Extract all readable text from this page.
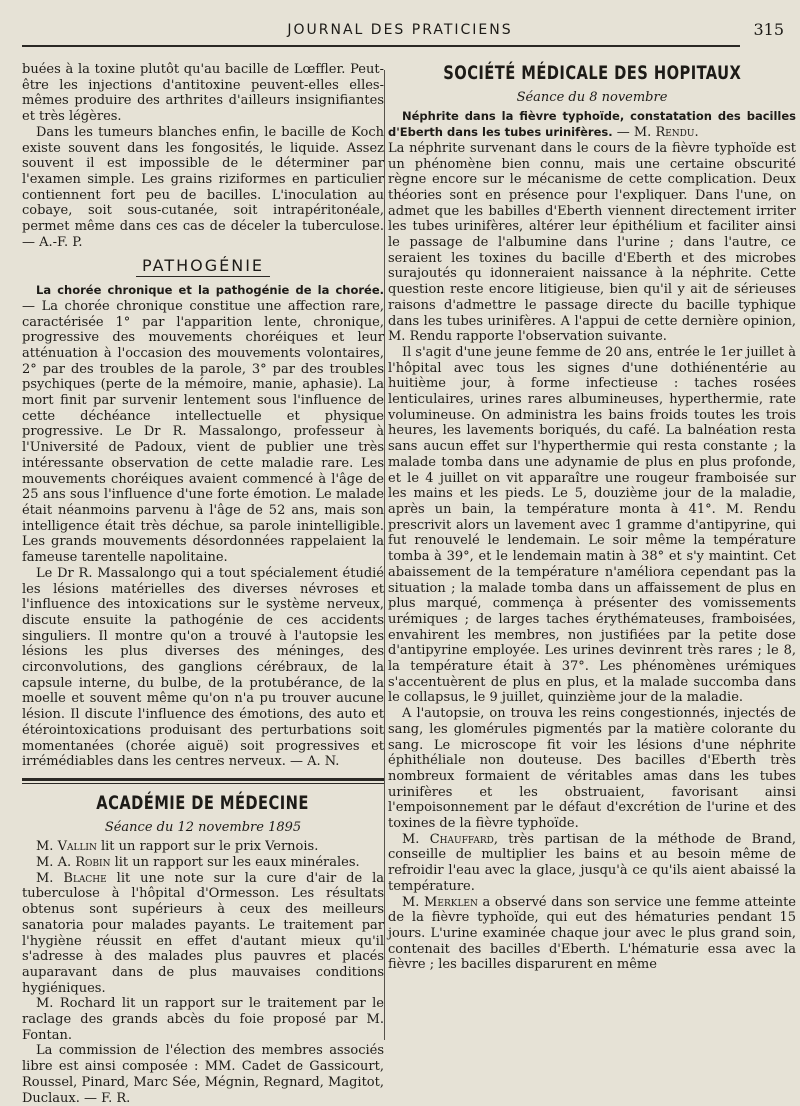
JOURNAL DES PRATICIENS	315

buées à la toxine plutôt qu'au bacille de Lœffler. Peut-être les injections d'antitoxine peuvent-elles elles-mêmes produire des arthrites d'ailleurs insignifiantes et très légères.

Dans les tumeurs blanches enfin, le bacille de Koch existe souvent dans les fongosités, le liquide. Assez souvent il est impossible de le déterminer par l'examen simple. Les grains riziformes en particulier contiennent fort peu de bacilles. L'inoculation au cobaye, soit sous-cutanée, soit intrapéritonéale, permet même dans ces cas de déceler la tuberculose. — A.-F. P.

PATHOGÉNIE

La chorée chronique et la pathogénie de la chorée. — La chorée chronique constitue une affection rare, caractérisée 1° par l'apparition lente, chronique, progressive des mouvements choréiques et leur atténuation à l'occasion des mouvements volontaires, 2° par des troubles de la parole, 3° par des troubles psychiques (perte de la mémoire, manie, aphasie). La mort finit par survenir lentement sous l'influence de cette déchéance intellectuelle et physique progressive. Le Dr R. Massalongo, professeur à l'Université de Padoux, vient de publier une très intéressante observation de cette maladie rare. Les mouvements choréiques avaient commencé à l'âge de 25 ans sous l'influence d'une forte émotion. Le malade était néanmoins parvenu à l'âge de 52 ans, mais son intelligence était très déchue, sa parole inintelligible. Les grands mouvements désordonnées rappelaient la fameuse tarentelle napolitaine.

Le Dr R. Massalongo qui a tout spécialement étudié les lésions matérielles des diverses névroses et l'influence des intoxications sur le système nerveux, discute ensuite la pathogénie de ces accidents singuliers. Il montre qu'on a trouvé à l'autopsie les lésions les plus diverses des méninges, des circonvolutions, des ganglions cérébraux, de la capsule interne, du bulbe, de la protubérance, de la moelle et souvent même qu'on n'a pu trouver aucune lésion. Il discute l'influence des émotions, des auto et étérointoxications produisant des perturbations soit momentanées (chorée aiguë) soit progressives et irrémédiables dans les centres nerveux. — A. N.

ACADÉMIE DE MÉDECINE
Séance du 12 novembre 1895

M. Vallin lit un rapport sur le prix Vernois.

M. A. Robin lit un rapport sur les eaux minérales.

M. Blache lit une note sur la cure d'air de la tuberculose à l'hôpital d'Ormesson. Les résultats obtenus sont supérieurs à ceux des meilleurs sanatoria pour malades payants. Le traitement par l'hygiène réussit en effet d'autant mieux qu'il s'adresse à des malades plus pauvres et placés auparavant dans de plus mauvaises conditions hygiéniques.

M. Rochard lit un rapport sur le traitement par le raclage des grands abcès du foie proposé par M. Fontan.

La commission de l'élection des membres associés libre est ainsi composée : MM. Cadet de Gassicourt, Roussel, Pinard, Marc Sée, Mégnin, Regnard, Magitot, Duclaux. — F. R.

SOCIÉTÉ MÉDICALE DES HOPITAUX
Séance du 8 novembre

Néphrite dans la fièvre typhoïde, constatation des bacilles d'Eberth dans les tubes urinifères. — M. Rendu.

La néphrite survenant dans le cours de la fièvre typhoïde est un phénomène bien connu, mais une certaine obscurité règne encore sur le mécanisme de cette complication. Deux théories sont en présence pour l'expliquer. Dans l'une, on admet que les babilles d'Eberth viennent directement irriter les tubes urinifères, altérer leur épithélium et faciliter ainsi le passage de l'albumine dans l'urine ; dans l'autre, ce seraient les toxines du bacille d'Eberth et des microbes surajoutés qu idonneraient naissance à la néphrite. Cette question reste encore litigieuse, bien qu'il y ait de sérieuses raisons d'admettre le passage directe du bacille typhique dans les tubes urinifères. A l'appui de cette dernière opinion, M. Rendu rapporte l'observation suivante.

Il s'agit d'une jeune femme de 20 ans, entrée le 1er juillet à l'hôpital avec tous les signes d'une dothiénentérie au huitième jour, à forme infectieuse : taches rosées lenticulaires, urines rares albumineuses, hyperthermie, rate volumineuse. On administra les bains froids toutes les trois heures, les lavements boriqués, du café. La balnéation resta sans aucun effet sur l'hyperthermie qui resta constante ; la malade tomba dans une adynamie de plus en plus profonde, et le 4 juillet on vit apparaître une rougeur framboisée sur les mains et les pieds. Le 5, douzième jour de la maladie, après un bain, la température monta à 41°. M. Rendu prescrivit alors un lavement avec 1 gramme d'antipyrine, qui fut renouvelé le lendemain. Le soir même la température tomba à 39°, et le lendemain matin à 38° et s'y maintint. Cet abaissement de la température n'améliora cependant pas la situation ; la malade tomba dans un affaissement de plus en plus marqué, commença à présenter des vomissements urémiques ; de larges taches érythémateuses, framboisées, envahirent les membres, non justifiées par la petite dose d'antipyrine employée. Les urines devinrent très rares ; le 8, la température était à 37°. Les phénomènes urémiques s'accentuèrent de plus en plus, et la malade succomba dans le collapsus, le 9 juillet, quinzième jour de la maladie.

A l'autopsie, on trouva les reins congestionnés, injectés de sang, les glomérules pigmentés par la matière colorante du sang. Le microscope fit voir les lésions d'une néphrite éphithéliale non douteuse. Des bacilles d'Eberth très nombreux formaient de véritables amas dans les tubes urinifères et les obstruaient, favorisant ainsi l'empoisonnement par le défaut d'excrétion de l'urine et des toxines de la fièvre typhoïde.

M. Chauffard, très partisan de la méthode de Brand, conseille de multiplier les bains et au besoin même de refroidir l'eau avec la glace, jusqu'à ce qu'ils aient abaissé la température.

M. Merklen a observé dans son service une femme atteinte de la fièvre typhoïde, qui eut des hématuries pendant 15 jours. L'urine examinée chaque jour avec le plus grand soin, contenait des bacilles d'Eberth. L'hématurie essa avec la fièvre ; les bacilles disparurent en même
